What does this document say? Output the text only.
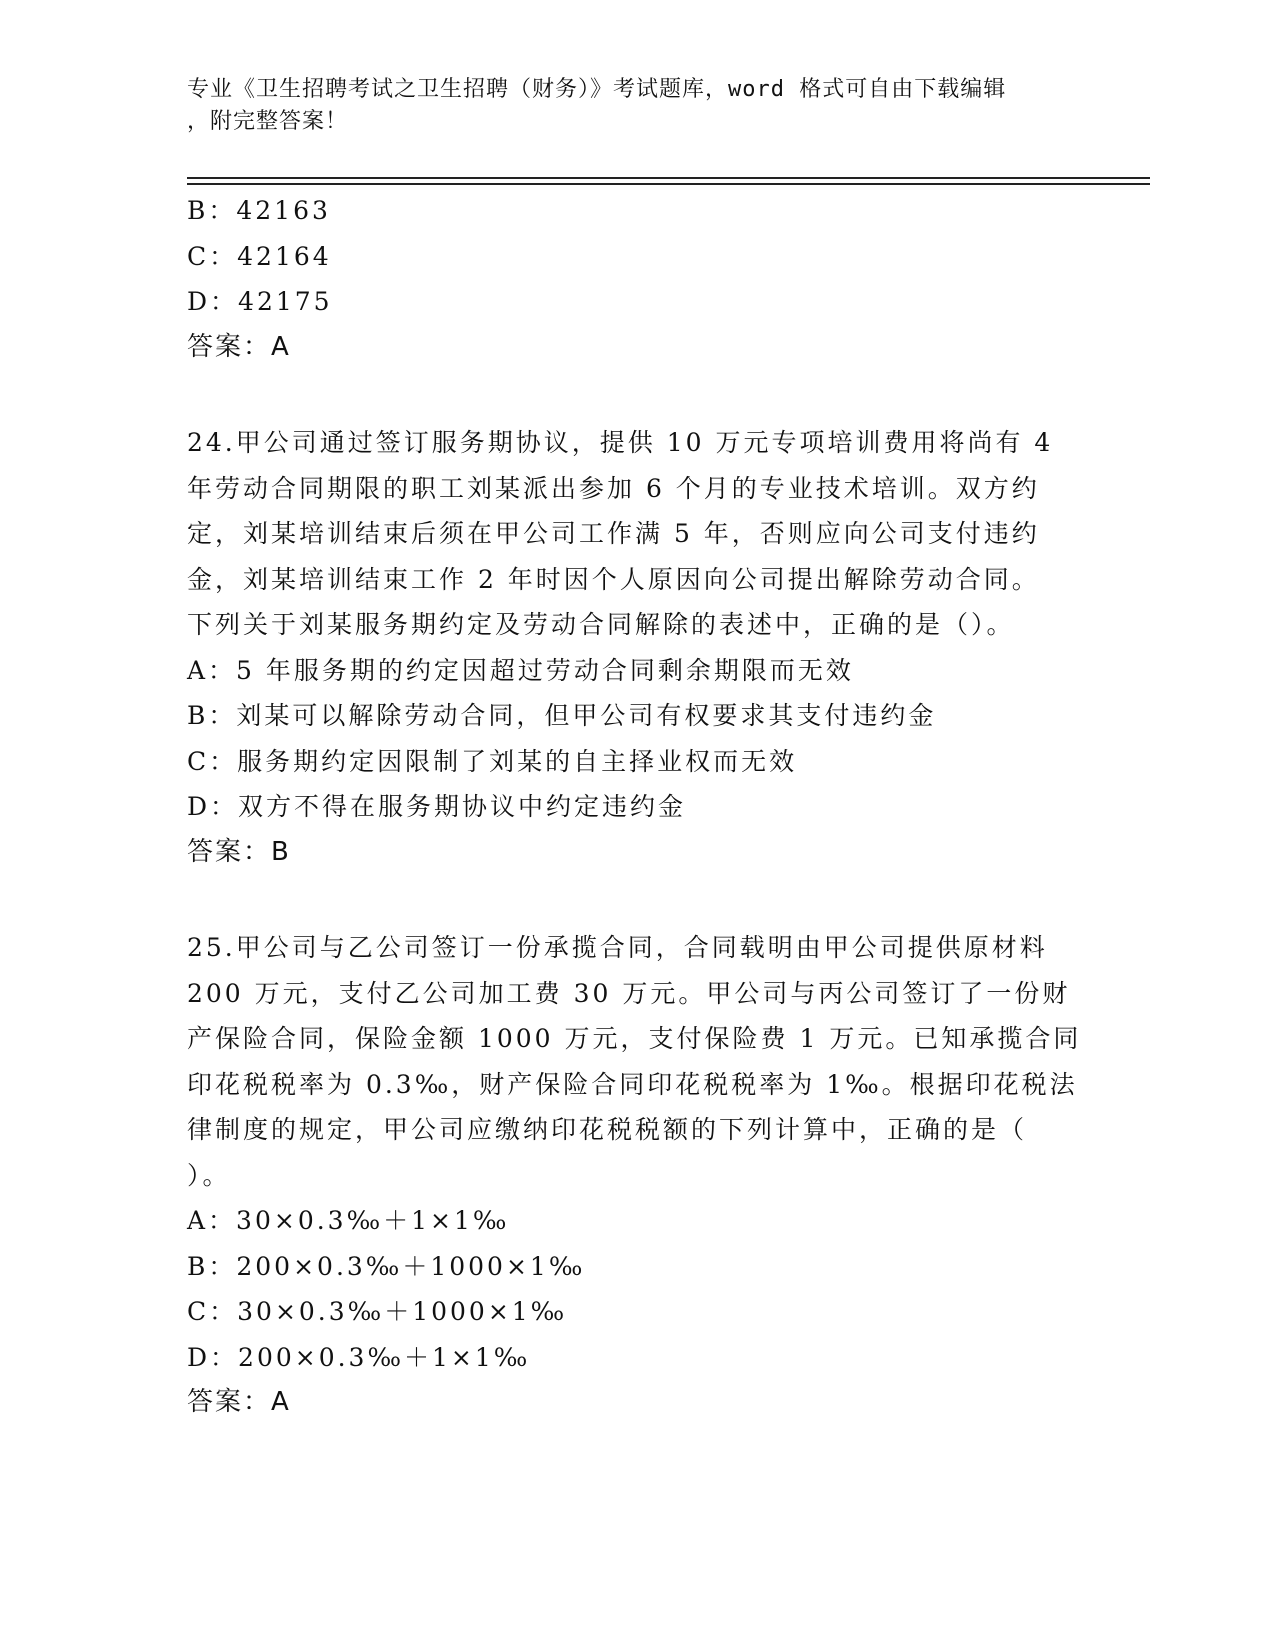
专业《卫生招聘考试之卫生招聘（财务）》考试题库，word 格式可自由下载编辑
，附完整答案！
B：42163
C：42164
D：42175
答案：A
24.甲公司通过签订服务期协议，提供 10 万元专项培训费用将尚有 4
年劳动合同期限的职工刘某派出参加 6 个月的专业技术培训。双方约
定，刘某培训结束后须在甲公司工作满 5 年，否则应向公司支付违约
金，刘某培训结束工作 2 年时因个人原因向公司提出解除劳动合同。
下列关于刘某服务期约定及劳动合同解除的表述中，正确的是（）。
A：5 年服务期的约定因超过劳动合同剩余期限而无效
B：刘某可以解除劳动合同，但甲公司有权要求其支付违约金
C：服务期约定因限制了刘某的自主择业权而无效
D：双方不得在服务期协议中约定违约金
答案：B
25.甲公司与乙公司签订一份承揽合同，合同载明由甲公司提供原材料
200 万元，支付乙公司加工费 30 万元。甲公司与丙公司签订了一份财
产保险合同，保险金额 1000 万元，支付保险费 1 万元。已知承揽合同
印花税税率为 0.3‰，财产保险合同印花税税率为 1‰。根据印花税法
律制度的规定，甲公司应缴纳印花税税额的下列计算中，正确的是（
）。
A：30×0.3‰＋1×1‰
B：200×0.3‰＋1000×1‰
C：30×0.3‰＋1000×1‰
D：200×0.3‰＋1×1‰
答案：A
